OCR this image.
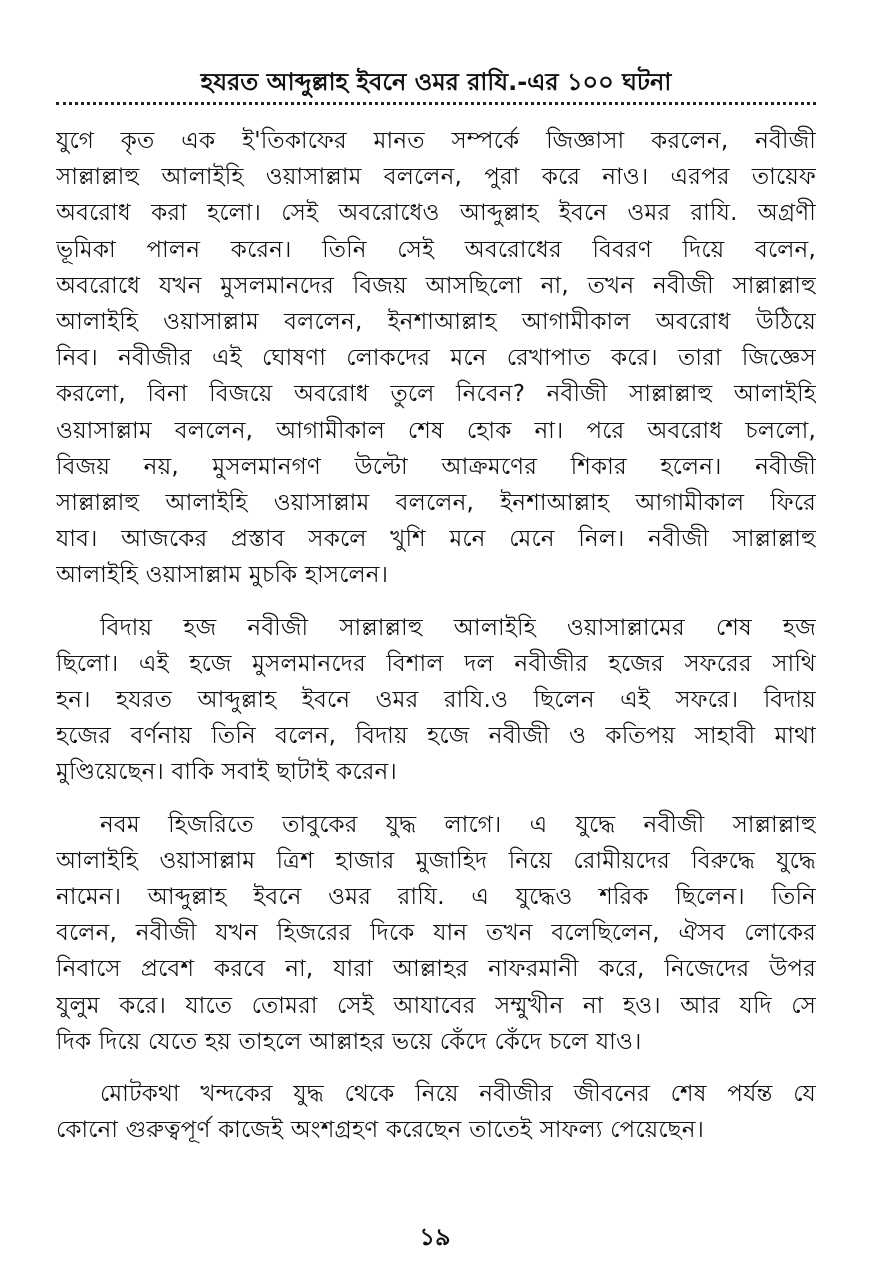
হযরত আব্দুল্লাহ ইবনে ওমর রাযি.-এর ১০০ ঘটনা
যুগে কৃত এক ই'তিকাফের মানত সম্পর্কে জিজ্ঞাসা করলেন, নবীজী
সাল্লাল্লাহু আলাইহি ওয়াসাল্লাম বললেন, পুরা করে নাও। এরপর তায়েফ
অবরোধ করা হলো। সেই অবরোধেও আব্দুল্লাহ ইবনে ওমর রাযি. অগ্রণী
ভূমিকা পালন করেন। তিনি সেই অবরোধের বিবরণ দিয়ে বলেন,
অবরোধে যখন মুসলমানদের বিজয় আসছিলো না, তখন নবীজী সাল্লাল্লাহু
আলাইহি ওয়াসাল্লাম বললেন, ইনশাআল্লাহ আগামীকাল অবরোধ উঠিয়ে
নিব। নবীজীর এই ঘোষণা লোকদের মনে রেখাপাত করে। তারা জিজ্ঞেস
করলো, বিনা বিজয়ে অবরোধ তুলে নিবেন? নবীজী সাল্লাল্লাহু আলাইহি
ওয়াসাল্লাম বললেন, আগামীকাল শেষ হোক না। পরে অবরোধ চললো,
বিজয় নয়, মুসলমানগণ উল্টো আক্রমণের শিকার হলেন। নবীজী
সাল্লাল্লাহু আলাইহি ওয়াসাল্লাম বললেন, ইনশাআল্লাহ আগামীকাল ফিরে
যাব। আজকের প্রস্তাব সকলে খুশি মনে মেনে নিল। নবীজী সাল্লাল্লাহু
আলাইহি ওয়াসাল্লাম মুচকি হাসলেন।
বিদায় হজ নবীজী সাল্লাল্লাহু আলাইহি ওয়াসাল্লামের শেষ হজ
ছিলো। এই হজে মুসলমানদের বিশাল দল নবীজীর হজের সফরের সাথি
হন। হযরত আব্দুল্লাহ ইবনে ওমর রাযি.ও ছিলেন এই সফরে। বিদায়
হজের বর্ণনায় তিনি বলেন, বিদায় হজে নবীজী ও কতিপয় সাহাবী মাথা
মুণ্ডিয়েছেন। বাকি সবাই ছাটাই করেন।
নবম হিজরিতে তাবুকের যুদ্ধ লাগে। এ যুদ্ধে নবীজী সাল্লাল্লাহু
আলাইহি ওয়াসাল্লাম ত্রিশ হাজার মুজাহিদ নিয়ে রোমীয়দের বিরুদ্ধে যুদ্ধে
নামেন। আব্দুল্লাহ ইবনে ওমর রাযি. এ যুদ্ধেও শরিক ছিলেন। তিনি
বলেন, নবীজী যখন হিজরের দিকে যান তখন বলেছিলেন, ঐসব লোকের
নিবাসে প্রবেশ করবে না, যারা আল্লাহর নাফরমানী করে, নিজেদের উপর
যুলুম করে। যাতে তোমরা সেই আযাবের সম্মুখীন না হও। আর যদি সে
দিক দিয়ে যেতে হয় তাহলে আল্লাহর ভয়ে কেঁদে কেঁদে চলে যাও।
মোটকথা খন্দকের যুদ্ধ থেকে নিয়ে নবীজীর জীবনের শেষ পর্যন্ত যে
কোনো গুরুত্বপূর্ণ কাজেই অংশগ্রহণ করেছেন তাতেই সাফল্য পেয়েছেন।
১৯
